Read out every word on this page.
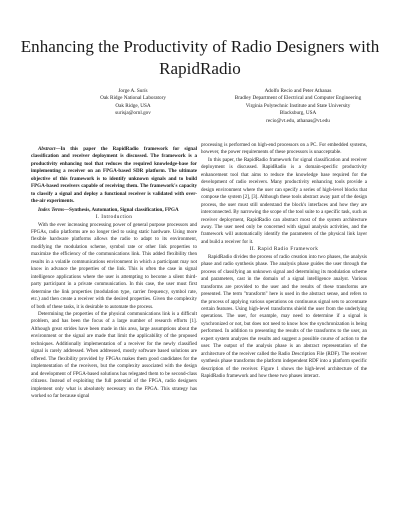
Enhancing the Productivity of Radio Designers with RapidRadio
Jorge A. Surís
Oak Ridge National Laboratory
Oak Ridge, USA
surisja@ornl.gov
Adolfo Recio and Peter Athanas
Bradley Department of Electrical and Computer Engineering
Virginia Polytechnic Institute and State University
Blacksburg, USA
recio@vt.edu, athanas@vt.edu

Abstract—In this paper the RapidRadio framework for signal classification and receiver deployment is discussed. The framework is a productivity enhancing tool that reduces the required knowledge-base for implementing a receiver on an FPGA-based SDR platform. The ultimate objective of this framework is to identify unknown signals and to build FPGA-based receivers capable of receiving them. The framework's capacity to classify a signal and deploy a functional receiver is validated with over-the-air experiments.

Index Terms—Synthesis, Automation, Signal classification, FPGA

I. Introduction

With the ever increasing processing power of general purpose processors and FPGAs, radio platforms are no longer tied to using static hardware. Using more flexible hardware platforms allows the radio to adapt to its environment, modifying the modulation scheme, symbol rate or other link properties to maximize the efficiency of the communications link. This added flexibility then results in a volatile communications environment in which a participant may not know in advance the properties of the link. This is often the case in signal intelligence applications where the user is attempting to become a silent third-party participant in a private communication. In this case, the user must first determine the link properties (modulation type, carrier frequency, symbol rate, etc.) and then create a receiver with the desired properties. Given the complexity of both of these tasks, it is desirable to automate the process.

Determining the properties of the physical communications link is a difficult problem, and has been the focus of a large number of research efforts [1]. Although great strides have been made in this area, large assumptions about the environment or the signal are made that limit the applicability of the proposed techniques. Additionally implementation of a receiver for the newly classified signal is rarely addressed. When addressed, mostly software based solutions are offered. The flexibility provided by FPGAs makes them good candidates for the implementation of the receivers, but the complexity associated with the design and development of FPGA-based solutions has relegated them to be second-class citizens. Instead of exploiting the full potential of the FPGA, radio designers implement only what is absolutely necessary on the FPGA. This strategy has worked so far because signal

processing is performed on high-end processors on a PC. For embedded systems, however, the power requirements of these processors is unacceptable.

In this paper, the RapidRadio framework for signal classification and receiver deployment is discussed. RapidRadio is a domain-specific productivity enhancement tool that aims to reduce the knowledge base required for the development of radio receivers. Many productivity enhancing tools provide a design environment where the user can specify a series of high-level blocks that compose the system [2], [3]. Although these tools abstract away part of the design process, the user must still understand the block's interfaces and how they are interconnected. By narrowing the scope of the tool suite to a specific task, such as receiver deployment, RapidRadio can abstract most of the system architecture away. The user need only be concerned with signal analysis activities, and the framework will automatically identify the parameters of the physical link layer and build a receiver for it.

II. Rapid Radio Framework

RapidRadio divides the process of radio creation into two phases, the analysis phase and radio synthesis phase. The analysis phase guides the user through the process of classifying an unknown signal and determining its modulation scheme and parameters, cast in the domain of a signal intelligence analyst. Various transforms are provided to the user and the results of these transforms are presented. The term "transform" here is used in the abstract sense, and refers to the process of applying various operations on continuous signal sets to accentuate certain features. Using high-level transforms shield the user from the underlying operations. The user, for example, may need to determine if a signal is synchronized or not, but does not need to know how the synchronization is being performed. In addition to presenting the results of the transforms to the user, an expert system analyzes the results and suggest a possible course of action to the user. The output of the analysis phase is an abstract representation of the architecture of the receiver called the Radio Description File (RDF). The receiver synthesis phase transforms the platform independent RDF into a platform specific description of the receiver. Figure 1 shows the high-level architecture of the RapidRadio framework and how these two phases interact.
